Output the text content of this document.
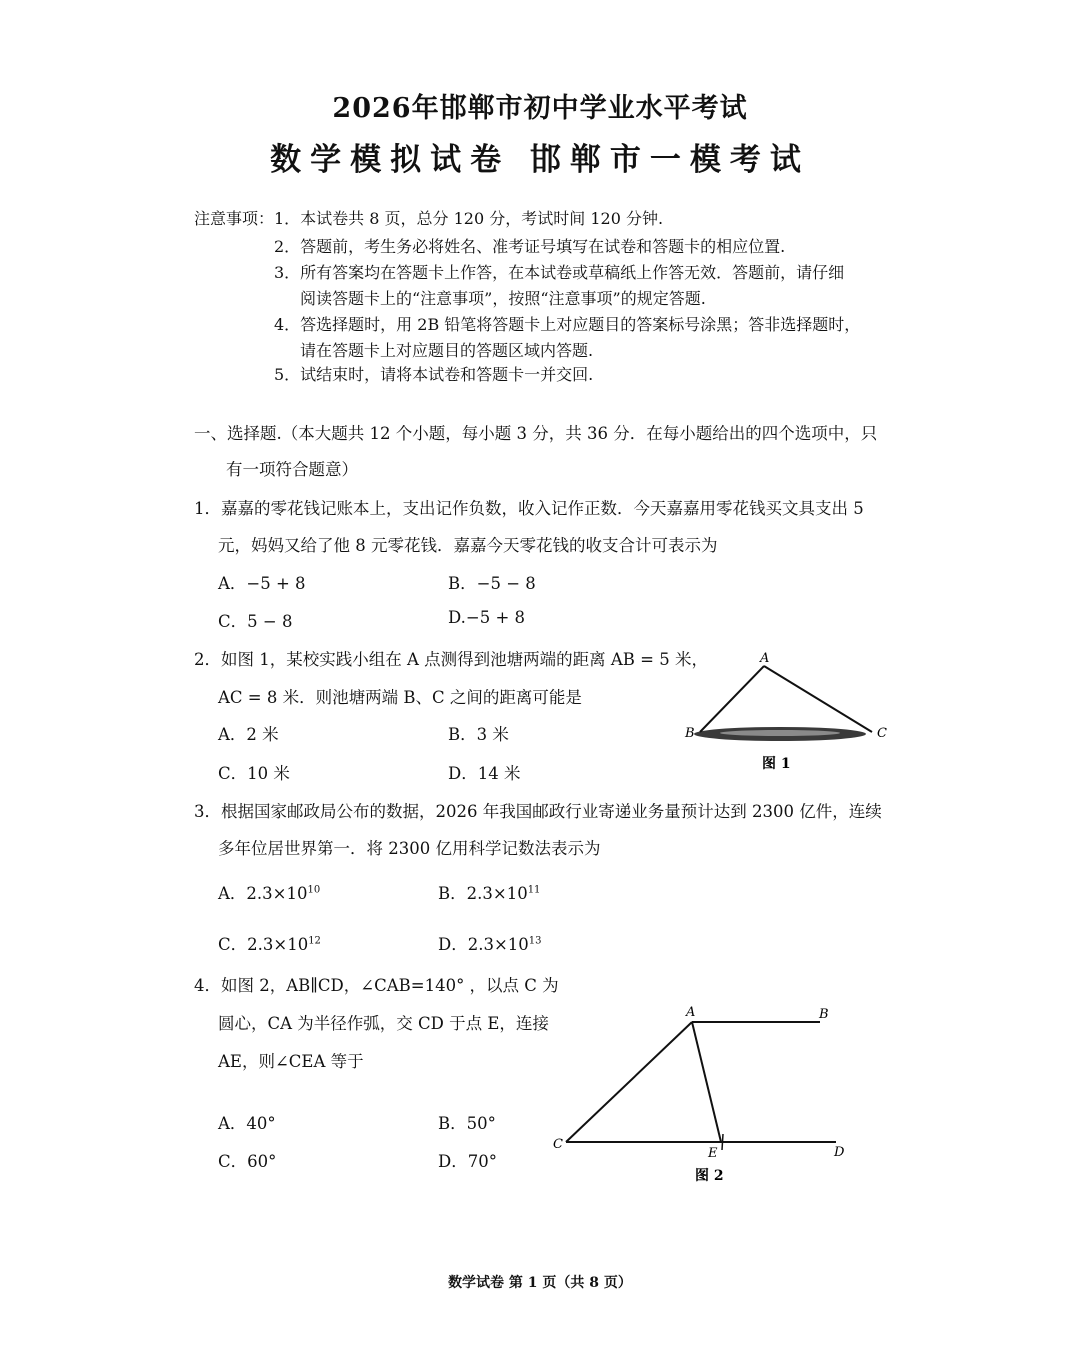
2026年邯郸市初中学业水平考试
数学模拟试卷 邯郸市一模考试
注意事项： 1．本试卷共 8 页，总分 120 分，考试时间 120 分钟.
2．答题前，考生务必将姓名、准考证号填写在试卷和答题卡的相应位置.
3．所有答案均在答题卡上作答，在本试卷或草稿纸上作答无效．答题前，请仔细
阅读答题卡上的“注意事项”，按照“注意事项”的规定答题.
4．答选择题时，用 2B 铅笔将答题卡上对应题目的答案标号涂黑；答非选择题时，
请在答题卡上对应题目的答题区域内答题.
5．试结束时，请将本试卷和答题卡一并交回.
一、选择题.（本大题共 12 个小题，每小题 3 分，共 36 分．在每小题给出的四个选项中，只
有一项符合题意）
1．嘉嘉的零花钱记账本上，支出记作负数，收入记作正数．今天嘉嘉用零花钱买文具支出 5
元，妈妈又给了他 8 元零花钱．嘉嘉今天零花钱的收支合计可表示为
A．−5 + 8	B．−5 − 8
C．5 − 8	D.−5 + 8
2．如图 1，某校实践小组在 A 点测得到池塘两端的距离 AB = 5 米，
AC = 8 米．则池塘两端 B、C 之间的距离可能是
A．2 米	B．3 米
C．10 米	D．14 米
A
B	C
图 1
3．根据国家邮政局公布的数据，2026 年我国邮政行业寄递业务量预计达到 2300 亿件，连续
多年位居世界第一．将 2300 亿用科学记数法表示为
A．$2.3\times 10^{10}$	B．$2.3\times 10^{11}$
C．$2.3\times 10^{12}$	D．$2.3\times 10^{13}$
4．如图 2，AB∥CD，∠CAB=140° ，以点 C 为
圆心，CA 为半径作弧，交 CD 于点 E，连接
AE，则∠CEA 等于
A．40°	B．50°
C．60°	D．70°
A	B
C
D
E
图 2
数学试卷 第 1 页（共 8 页）
